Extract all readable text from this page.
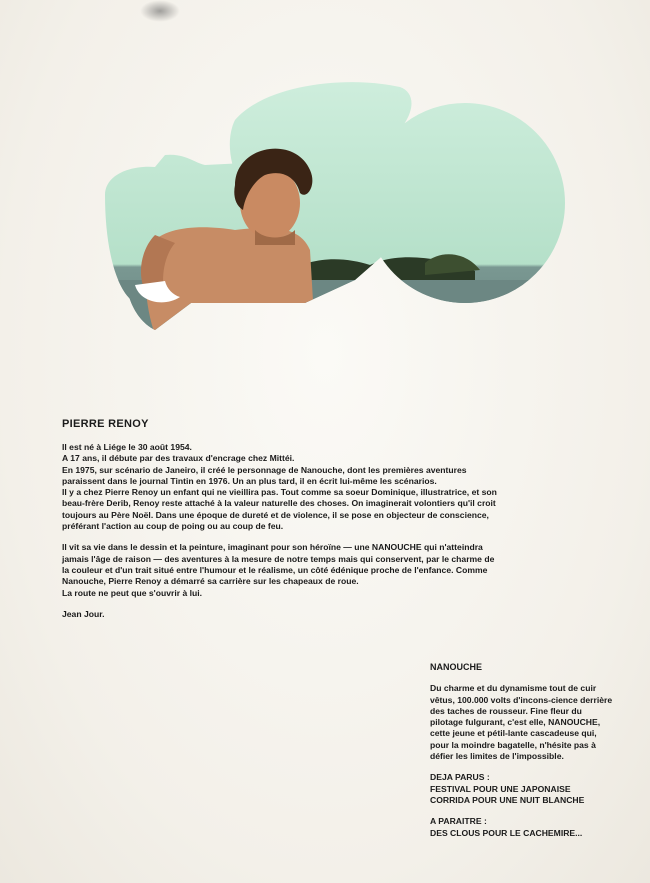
PIERRE RENOY

Il est né à Liége le 30 août 1954.
A 17 ans, il débute par des travaux d'encrage chez Mittéi.
En 1975, sur scénario de Janeiro, il créé le personnage de Nanouche, dont les premières aventures paraissent dans le journal Tintin en 1976. Un an plus tard, il en écrit lui-même les scénarios.
Il y a chez Pierre Renoy un enfant qui ne vieillira pas. Tout comme sa soeur Dominique, illustratrice, et son beau-frère Derib, Renoy reste attaché à la valeur naturelle des choses. On imaginerait volontiers qu'il croit toujours au Père Noël. Dans une époque de dureté et de violence, il se pose en objecteur de conscience, préférant l'action au coup de poing ou au coup de feu.

Il vit sa vie dans le dessin et la peinture, imaginant pour son héroïne — une NANOUCHE qui n'atteindra jamais l'âge de raison — des aventures à la mesure de notre temps mais qui conservent, par le charme de la couleur et d'un trait situé entre l'humour et le réalisme, un côté édénique proche de l'enfance. Comme Nanouche, Pierre Renoy a démarré sa carrière sur les chapeaux de roue.
La route ne peut que s'ouvrir à lui.

Jean Jour.

NANOUCHE

Du charme et du dynamisme tout de cuir vêtus, 100.000 volts d'incons-cience derrière des taches de rousseur. Fine fleur du pilotage fulgurant, c'est elle, NANOUCHE, cette jeune et pétil-lante cascadeuse qui, pour la moindre bagatelle, n'hésite pas à défier les limites de l'impossible.

DEJA PARUS :
FESTIVAL POUR UNE JAPONAISE
CORRIDA POUR UNE NUIT BLANCHE

A PARAITRE :
DES CLOUS POUR LE CACHEMIRE...
